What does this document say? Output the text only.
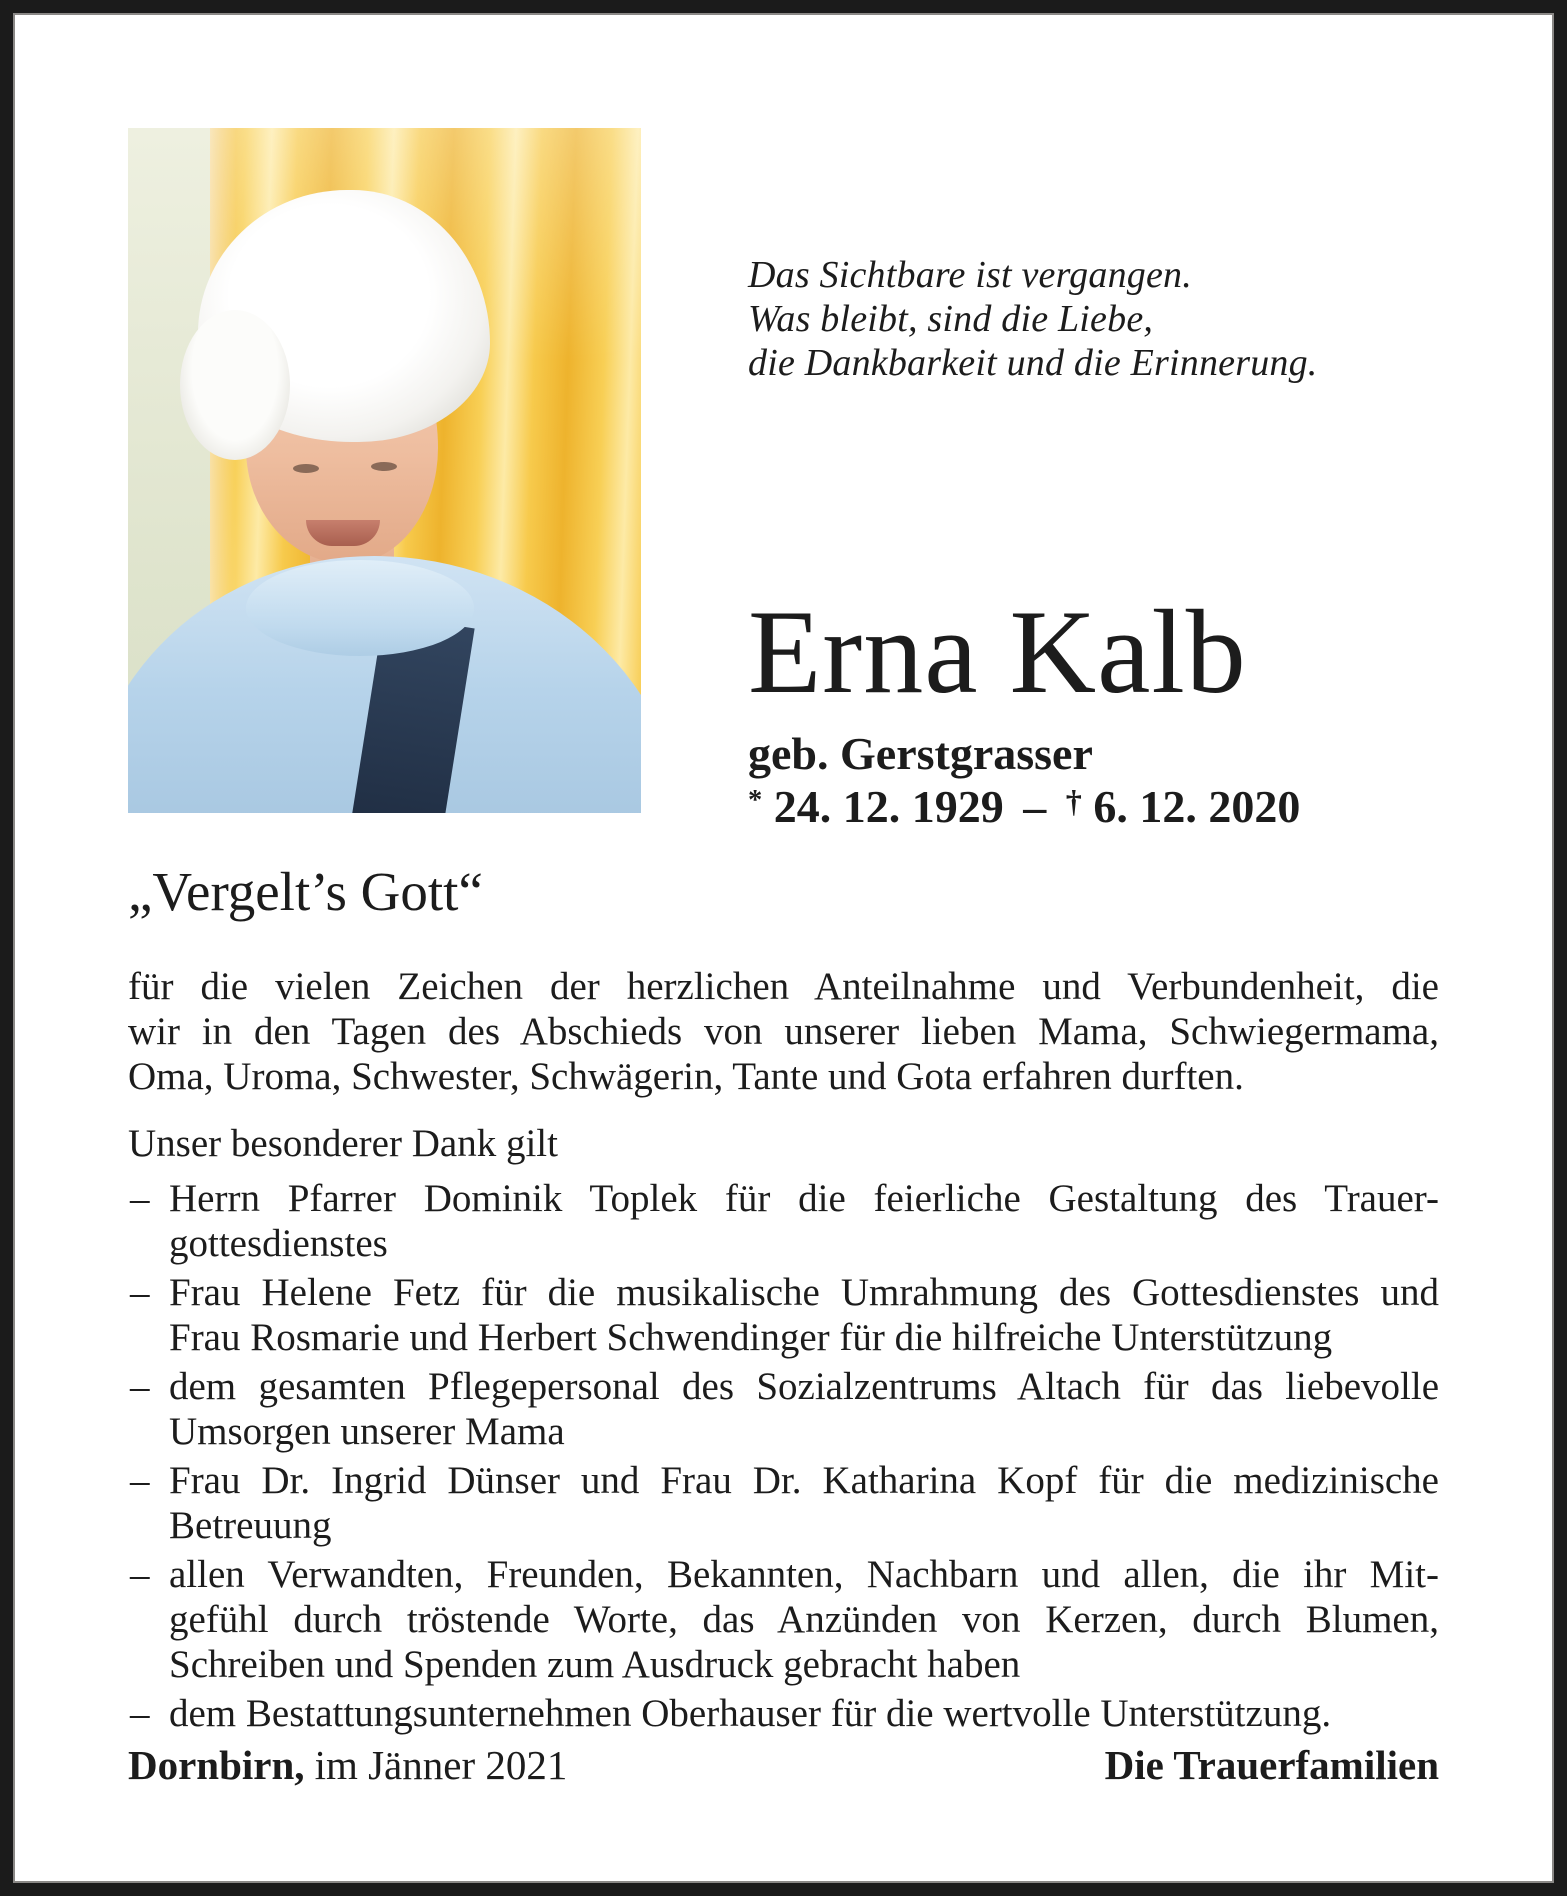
Das Sichtbare ist vergangen.
Was bleibt, sind die Liebe,
die Dankbarkeit und die Erinnerung.
Erna Kalb
geb. Gerstgrasser
* 24. 12. 1929 – † 6. 12. 2020
„Vergelt’s Gott“
für die vielen Zeichen der herzlichen Anteilnahme und Verbundenheit, die
wir in den Tagen des Abschieds von unserer lieben Mama, Schwiegermama,
Oma, Uroma, Schwester, Schwägerin, Tante und Gota erfahren durften.
Unser besonderer Dank gilt
– Herrn Pfarrer Dominik Toplek für die feierliche Gestaltung des Trauer-
gottesdienstes
– Frau Helene Fetz für die musikalische Umrahmung des Gottesdienstes und
Frau Rosmarie und Herbert Schwendinger für die hilfreiche Unterstützung
– dem gesamten Pflegepersonal des Sozialzentrums Altach für das liebevolle
Umsorgen unserer Mama
– Frau Dr. Ingrid Dünser und Frau Dr. Katharina Kopf für die medizinische
Betreuung
– allen Verwandten, Freunden, Bekannten, Nachbarn und allen, die ihr Mit-
gefühl durch tröstende Worte, das Anzünden von Kerzen, durch Blumen,
Schreiben und Spenden zum Ausdruck gebracht haben
– dem Bestattungsunternehmen Oberhauser für die wertvolle Unterstützung.
Dornbirn, im Jänner 2021	Die Trauerfamilien
